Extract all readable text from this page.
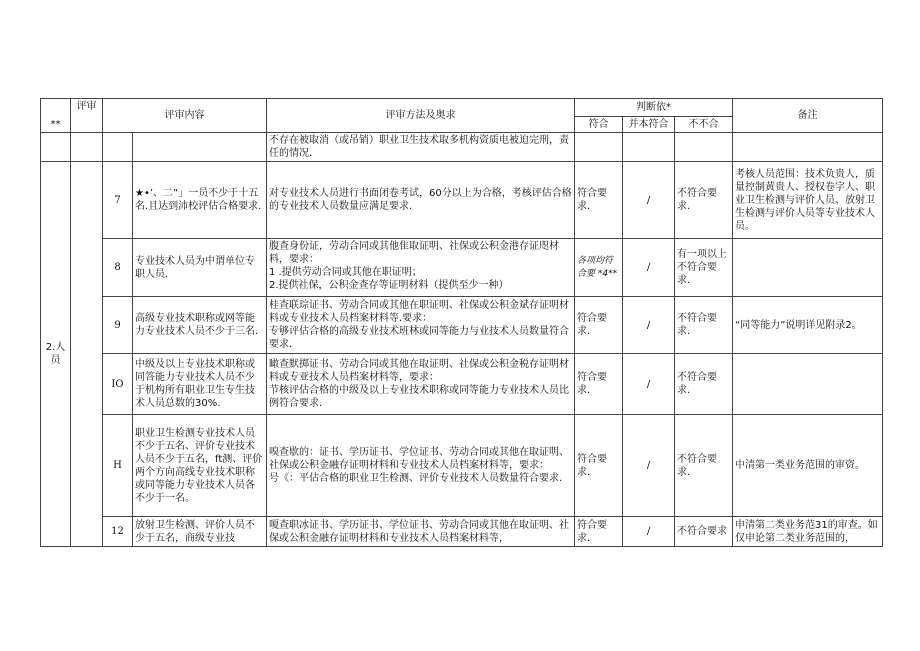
**	评审	评审内容		评审方法及奥求	判断依*			备注
					符合	并本符合	不不合	
				不存在被取消（或吊销）职业卫生技术取多机构资质电被迫完刑，责任的情况.				
2.人员		7	★•’、二”」一员不少于十五名.且达到沛校评估合格要求.	对专业技术人员进行书面闭卷考试，60分以上为合格，考核评估合格的专业技术人员数量应满足要求.	符合要求.	/	不符合要求.	考核人员范围：技术负贵人，质量控制黄贵人、授权卷字人、职业卫生检测与评价人员、放射卫生检测与评价人员等专业技术人员。
		8	专业技术人员为中谓单位专职人员.	腹查身份证，劳动合同或其他隹取证明、社保或公积金港存证咫材料，要求：
1 .提供劳动合同或其他在职证明；
2.提供社保，公积金查存等证明材料（提供至少一种）	各项均符合要 *4**	/	有一项以上不符合要求.	
		9	高级专业技术职称或网等能力专业技术人员不少于三名.	桂查联琮证书、劳动合同或其他在职证明、社保或公积金斌存证明材料或专业技术人员档案材料等.要求：
专够评估合格的高级专业技术班林或同等能力与业技术人员数量符合要求.	符合要求.	/	不符合要求.	“同等能力”说明详见附录2。
		IO	中级及以上专业技术职称或同答能力专业技术人员不少于机构所有职业卫生专生技术人员总数的30%.	瞰查默掷证书、劳动合同或其他在取证明、社保或公积金税存证明材料或专亚技术人员档案材料等，要求：
节核评估合格的中级及以上专业技术职称或同等能力专业技术人员比例符合要求.	符合要求.	/	不符合要求.	
		H	职业卫生检测专业技术人员不少于五名、评价专业技术人员不少于五名，ft测、评价两个方向高线专业技术职称或同等能力专业技术人员各不少于一名。	嗅查歇的：证书、学历证书、学位证书、劳动合同或其他在取证明、社保或公积金融存证明材料和专业技术人员档案材料等，要求：
号《：平估合格的职业卫生检测、评价专业技术人员数量符合要求.	符合要求.	/	不符合要求.	中清第一类业务范围的审资。
		12	放射卫生检测、评价人员不少于五名，商级专业技	嗄查职冰证书、学历证书、学位证书、劳动合同或其他在取证明、社保或公积金融存证明材料和专业技术人员档案材料等，	符合要求.	/	不符合要求	申清第二类业务范31的审查。如仅申论第二类业务范围的，
